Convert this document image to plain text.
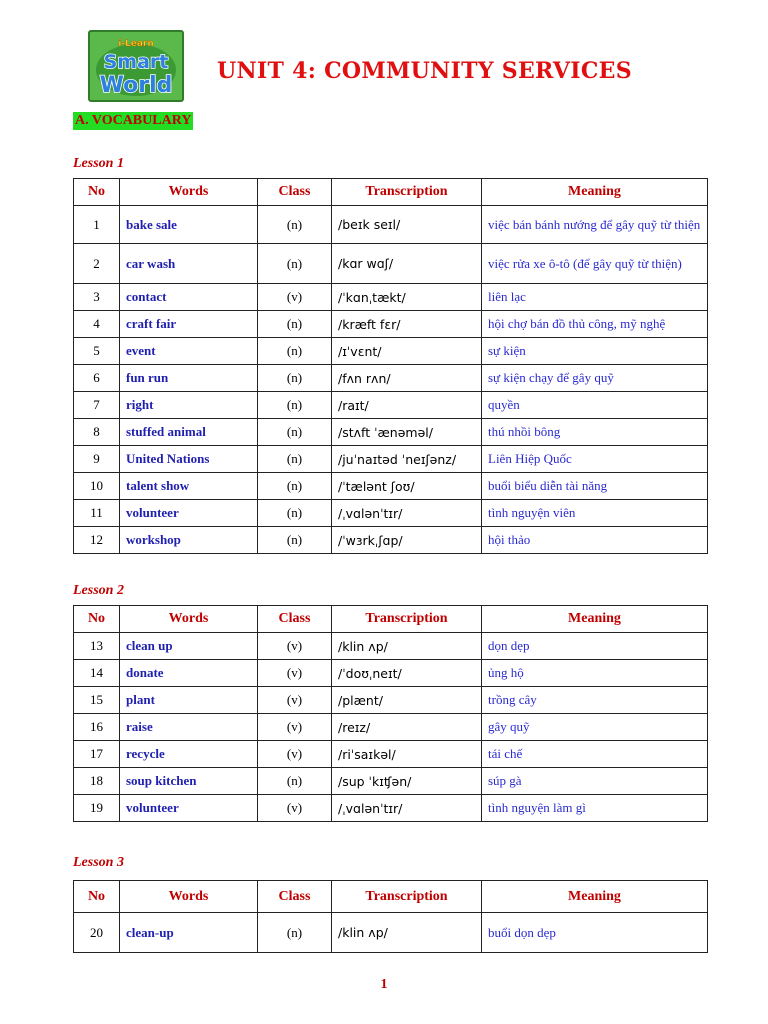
i-Learn
Smart
World
UNIT 4: COMMUNITY SERVICES
A. VOCABULARY
Lesson 1
No	Words	Class	Transcription	Meaning
1	bake sale	(n)	/beɪk seɪl/	việc bán bánh nướng để gây quỹ từ thiện
2	car wash	(n)	/kɑr wɑʃ/	việc rửa xe ô-tô (để gây quỹ từ thiện)
3	contact	(v)	/ˈkɑnˌtækt/	liên lạc
4	craft fair	(n)	/kræft fɛr/	hội chợ bán đồ thủ công, mỹ nghệ
5	event	(n)	/ɪˈvɛnt/	sự kiện
6	fun run	(n)	/fʌn rʌn/	sự kiện chạy để gây quỹ
7	right	(n)	/raɪt/	quyền
8	stuffed animal	(n)	/stʌft ˈænəməl/	thú nhồi bông
9	United Nations	(n)	/juˈnaɪtəd ˈneɪʃənz/	Liên Hiệp Quốc
10	talent show	(n)	/ˈtælənt ʃoʊ/	buổi biểu diễn tài năng
11	volunteer	(n)	/ˌvɑlənˈtɪr/	tình nguyện viên
12	workshop	(n)	/ˈwɜrkˌʃɑp/	hội thảo
Lesson 2
No	Words	Class	Transcription	Meaning
13	clean up	(v)	/klin ʌp/	dọn dẹp
14	donate	(v)	/ˈdoʊˌneɪt/	ủng hộ
15	plant	(v)	/plænt/	trồng cây
16	raise	(v)	/reɪz/	gây quỹ
17	recycle	(v)	/riˈsaɪkəl/	tái chế
18	soup kitchen	(n)	/sup ˈkɪʧən/	súp gà
19	volunteer	(v)	/ˌvɑlənˈtɪr/	tình nguyện làm gì
Lesson 3
No	Words	Class	Transcription	Meaning
20	clean-up	(n)	/klin ʌp/	buổi dọn dẹp
1
